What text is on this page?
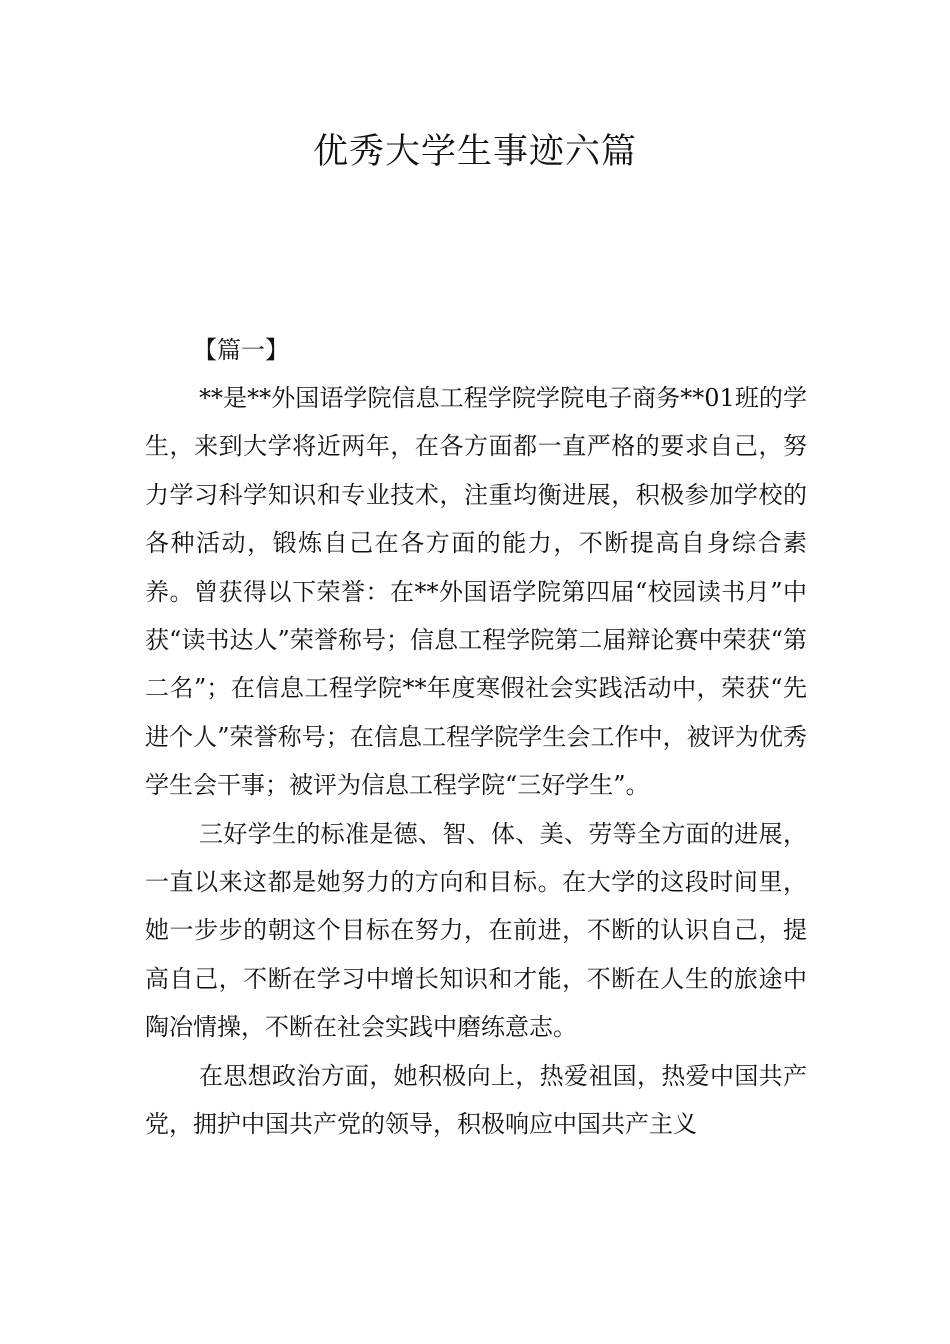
优秀大学生事迹六篇
【篇一】

**是**外国语学院信息工程学院学院电子商务**01班的学生，来到大学将近两年，在各方面都一直严格的要求自己，努力学习科学知识和专业技术，注重均衡进展，积极参加学校的各种活动，锻炼自己在各方面的能力，不断提高自身综合素养。曾获得以下荣誉：在**外国语学院第四届“校园读书月”中获“读书达人”荣誉称号；信息工程学院第二届辩论赛中荣获“第二名”；在信息工程学院**年度寒假社会实践活动中，荣获“先进个人”荣誉称号；在信息工程学院学生会工作中，被评为优秀学生会干事；被评为信息工程学院“三好学生”。

三好学生的标准是德、智、体、美、劳等全方面的进展，一直以来这都是她努力的方向和目标。在大学的这段时间里，她一步步的朝这个目标在努力，在前进，不断的认识自己，提高自己，不断在学习中增长知识和才能，不断在人生的旅途中陶冶情操，不断在社会实践中磨练意志。

在思想政治方面，她积极向上，热爱祖国，热爱中国共产党，拥护中国共产党的领导，积极响应中国共产主义
